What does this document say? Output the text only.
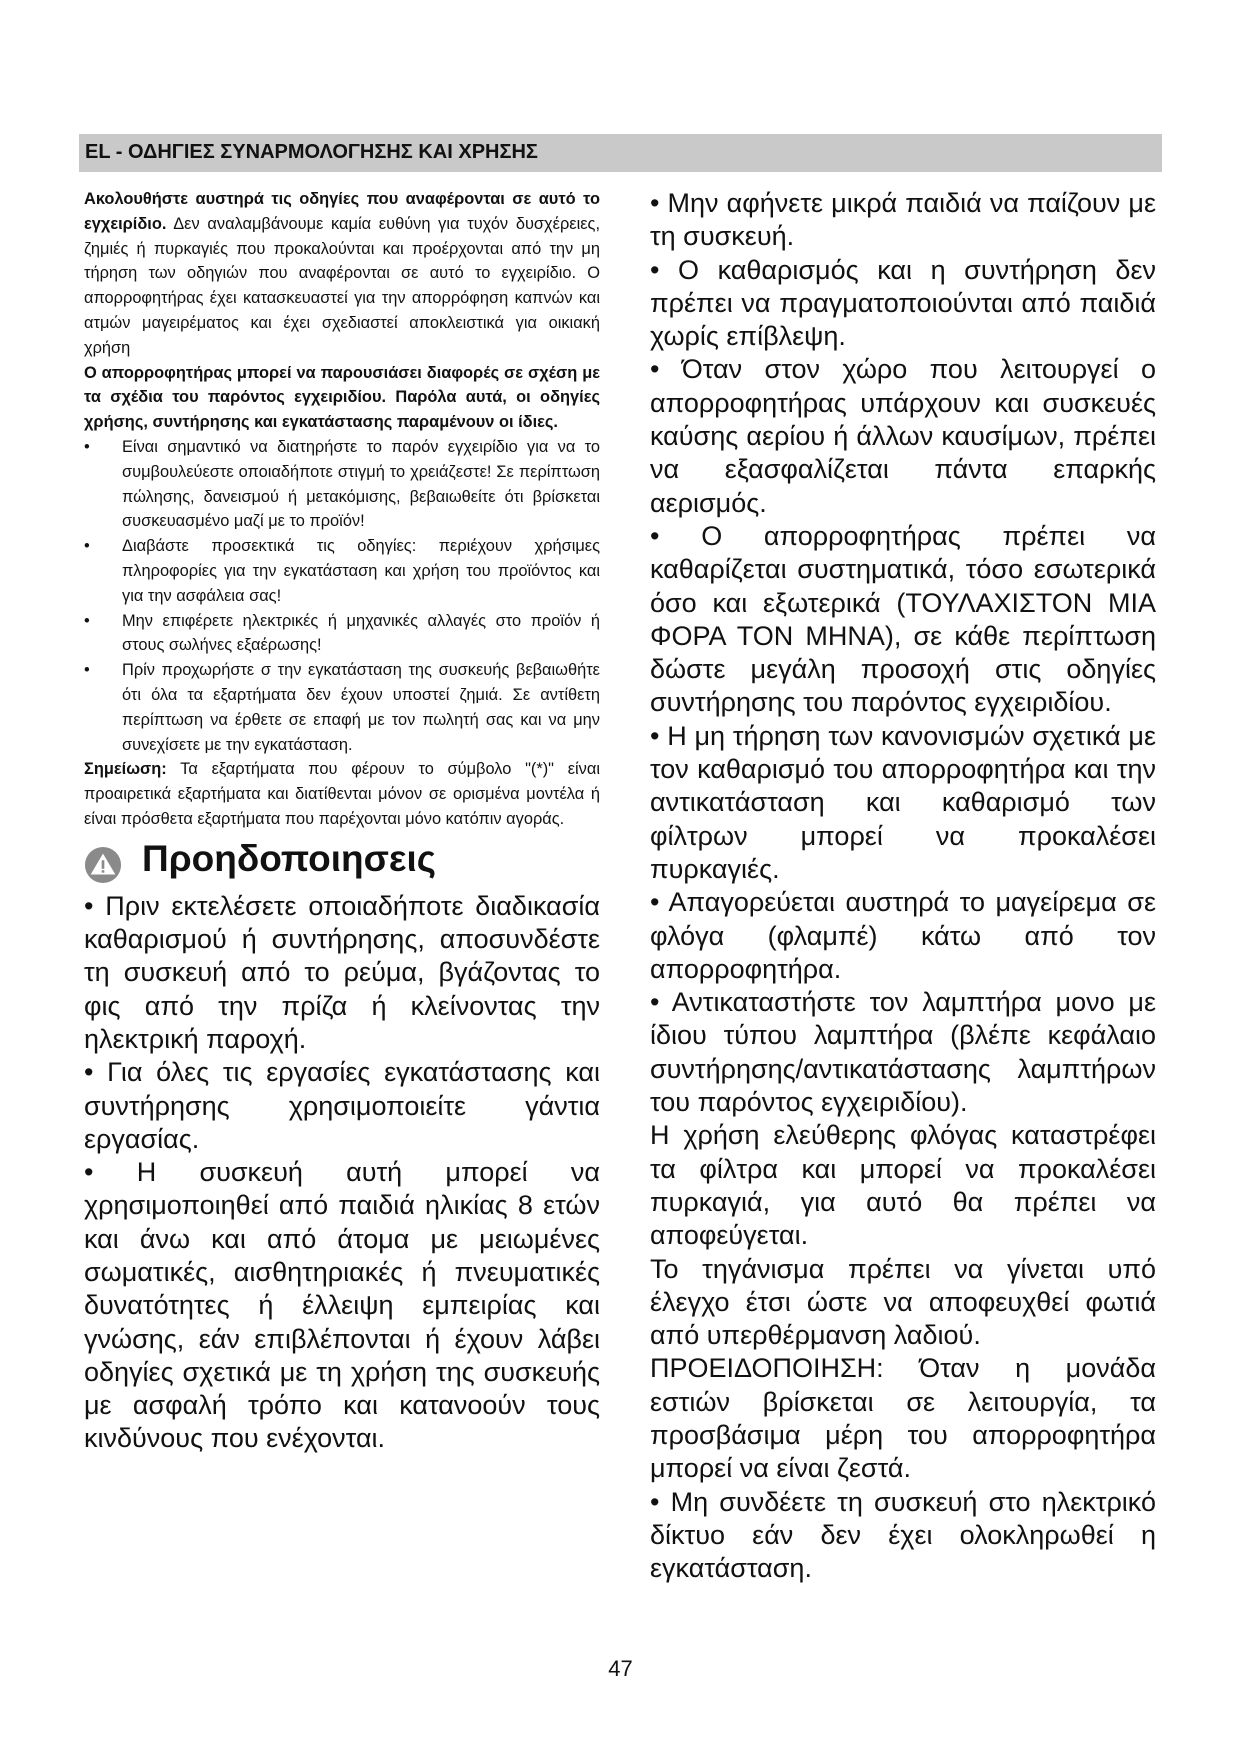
EL - ΟΔΗΓΙΕΣ ΣΥΝΑΡΜΟΛΟΓΗΣΗΣ ΚΑΙ ΧΡΗΣΗΣ

Ακολουθήστε αυστηρά τις οδηγίες που αναφέρονται σε αυτό το εγχειρίδιο. Δεν αναλαμβάνουμε καμία ευθύνη για τυχόν δυσχέρειες, ζημιές ή πυρκαγιές που προκαλούνται και προέρχονται από την μη τήρηση των οδηγιών που αναφέρονται σε αυτό το εγχειρίδιο. Ο απορροφητήρας έχει κατασκευαστεί για την απορρόφηση καπνών και ατμών μαγειρέματος και έχει σχεδιαστεί αποκλειστικά για οικιακή χρήση

Ο απορροφητήρας μπορεί να παρουσιάσει διαφορές σε σχέση με τα σχέδια του παρόντος εγχειριδίου. Παρόλα αυτά, οι οδηγίες χρήσης, συντήρησης και εγκατάστασης παραμένουν οι ίδιες.

• Είναι σημαντικό να διατηρήστε το παρόν εγχειρίδιο για να το συμβουλεύεστε οποιαδήποτε στιγμή το χρειάζεστε! Σε περίπτωση πώλησης, δανεισμού ή μετακόμισης, βεβαιωθείτε ότι βρίσκεται συσκευασμένο μαζί με το προϊόν!
• Διαβάστε προσεκτικά τις οδηγίες: περιέχουν χρήσιμες πληροφορίες για την εγκατάσταση και χρήση του προϊόντος και για την ασφάλεια σας!
• Μην επιφέρετε ηλεκτρικές ή μηχανικές αλλαγές στο προϊόν ή στους σωλήνες εξαέρωσης!
• Πρίν προχωρήστε σ την εγκατάσταση της συσκευής βεβαιωθήτε ότι όλα τα εξαρτήματα δεν έχουν υποστεί ζημιά. Σε αντίθετη περίπτωση να έρθετε σε επαφή με τον πωλητή σας και να μην συνεχίσετε με την εγκατάσταση.

Σημείωση: Τα εξαρτήματα που φέρουν το σύμβολο "(*)" είναι προαιρετικά εξαρτήματα και διατίθενται μόνον σε ορισμένα μοντέλα ή είναι πρόσθετα εξαρτήματα που παρέχονται μόνο κατόπιν αγοράς.

Προηδοποιησεις

• Πριν εκτελέσετε οποιαδήποτε διαδικασία καθαρισμού ή συντήρησης, αποσυνδέστε τη συσκευή από το ρεύμα, βγάζοντας το φις από την πρίζα ή κλείνοντας την ηλεκτρική παροχή.

• Για όλες τις εργασίες εγκατάστασης και συντήρησης χρησιμοποιείτε γάντια εργασίας.

• Η συσκευή αυτή μπορεί να χρησιμοποιηθεί από παιδιά ηλικίας 8 ετών και άνω και από άτομα με μειωμένες σωματικές, αισθητηριακές ή πνευματικές δυνατότητες ή έλλειψη εμπειρίας και γνώσης, εάν επιβλέπονται ή έχουν λάβει οδηγίες σχετικά με τη χρήση της συσκευής με ασφαλή τρόπο και κατανοούν τους κινδύνους που ενέχονται.

• Μην αφήνετε μικρά παιδιά να παίζουν με τη συσκευή.

• Ο καθαρισμός και η συντήρηση δεν πρέπει να πραγματοποιούνται από παιδιά χωρίς επίβλεψη.

• Όταν στον χώρο που λειτουργεί ο απορροφητήρας υπάρχουν και συσκευές καύσης αερίου ή άλλων καυσίμων, πρέπει να εξασφαλίζεται πάντα επαρκής αερισμός.

• Ο απορροφητήρας πρέπει να καθαρίζεται συστηματικά, τόσο εσωτερικά όσο και εξωτερικά (ΤΟΥΛΑΧΙΣΤΟΝ ΜΙΑ ΦΟΡΑ ΤΟΝ ΜΗΝΑ), σε κάθε περίπτωση δώστε μεγάλη προσοχή στις οδηγίες συντήρησης του παρόντος εγχειριδίου.

• Η μη τήρηση των κανονισμών σχετικά με τον καθαρισμό του απορροφητήρα και την αντικατάσταση και καθαρισμό των φίλτρων μπορεί να προκαλέσει πυρκαγιές.

• Απαγορεύεται αυστηρά το μαγείρεμα σε φλόγα (φλαμπέ) κάτω από τον απορροφητήρα.

• Αντικαταστήστε τον λαμπτήρα μονο με ίδιου τύπου λαμπτήρα (βλέπε κεφάλαιο συντήρησης/αντικατάστασης λαμπτήρων του παρόντος εγχειριδίου).

Η χρήση ελεύθερης φλόγας καταστρέφει τα φίλτρα και μπορεί να προκαλέσει πυρκαγιά, για αυτό θα πρέπει να αποφεύγεται.

Το τηγάνισμα πρέπει να γίνεται υπό έλεγχο έτσι ώστε να αποφευχθεί φωτιά από υπερθέρμανση λαδιού.

ΠΡΟΕΙΔΟΠΟΙΗΣΗ: Όταν η μονάδα εστιών βρίσκεται σε λειτουργία, τα προσβάσιμα μέρη του απορροφητήρα μπορεί να είναι ζεστά.

• Μη συνδέετε τη συσκευή στο ηλεκτρικό δίκτυο εάν δεν έχει ολοκληρωθεί η εγκατάσταση.

47
